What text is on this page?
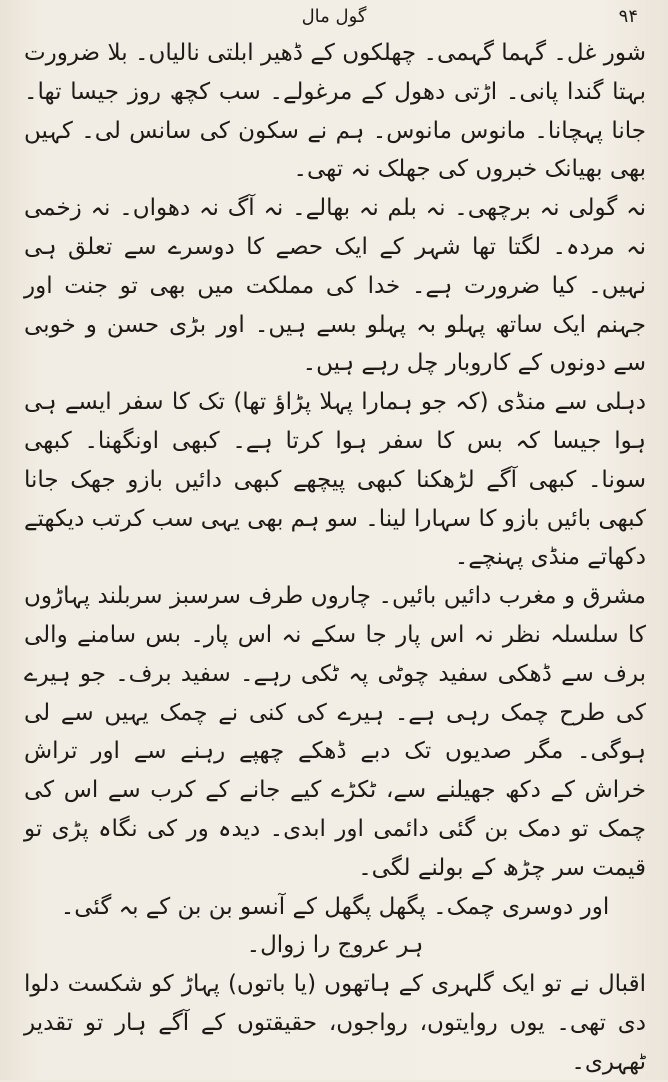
گول مال	۹۴

شور غل۔ گہما گہمی۔ چھلکوں کے ڈھیر ابلتی نالیاں۔ بلا ضرورت بہتا گندا پانی۔ اڑتی دھول کے مرغولے۔ سب کچھ روز جیسا تھا۔ جانا پہچانا۔ مانوس مانوس۔ ہم نے سکون کی سانس لی۔ کہیں بھی بھیانک خبروں کی جھلک نہ تھی۔

نہ گولی نہ برچھی۔ نہ بلم نہ بھالے۔ نہ آگ نہ دھواں۔ نہ زخمی نہ مردہ۔ لگتا تھا شہر کے ایک حصے کا دوسرے سے تعلق ہی نہیں۔ کیا ضرورت ہے۔ خدا کی مملکت میں بھی تو جنت اور جہنم ایک ساتھ پہلو بہ پہلو بسے ہیں۔ اور بڑی حسن و خوبی سے دونوں کے کاروبار چل رہے ہیں۔

دہلی سے منڈی (کہ جو ہمارا پہلا پڑاؤ تھا) تک کا سفر ایسے ہی ہوا جیسا کہ بس کا سفر ہوا کرتا ہے۔ کبھی اونگھنا۔ کبھی سونا۔ کبھی آگے لڑھکنا کبھی پیچھے کبھی دائیں بازو جھک جانا کبھی بائیں بازو کا سہارا لینا۔ سو ہم بھی یہی سب کرتب دیکھتے دکھاتے منڈی پہنچے۔

مشرق و مغرب دائیں بائیں۔ چاروں طرف سرسبز سربلند پہاڑوں کا سلسلہ نظر نہ اس پار جا سکے نہ اس پار۔ بس سامنے والی برف سے ڈھکی سفید چوٹی پہ ٹکی رہے۔ سفید برف۔ جو ہیرے کی طرح چمک رہی ہے۔ ہیرے کی کنی نے چمک یہیں سے لی ہوگی۔ مگر صدیوں تک دبے ڈھکے چھپے رہنے سے اور تراش خراش کے دکھ جھیلنے سے، ٹکڑے کیے جانے کے کرب سے اس کی چمک تو دمک بن گئی دائمی اور ابدی۔ دیدہ ور کی نگاہ پڑی تو قیمت سر چڑھ کے بولنے لگی۔

اور دوسری چمک۔ پگھل پگھل کے آنسو بن بن کے بہ گئی۔

ہر عروج را زوال۔

اقبال نے تو ایک گلہری کے ہاتھوں (یا باتوں) پہاڑ کو شکست دلوا دی تھی۔ یوں روایتوں، رواجوں، حقیقتوں کے آگے ہار تو تقدیر ٹھہری۔
